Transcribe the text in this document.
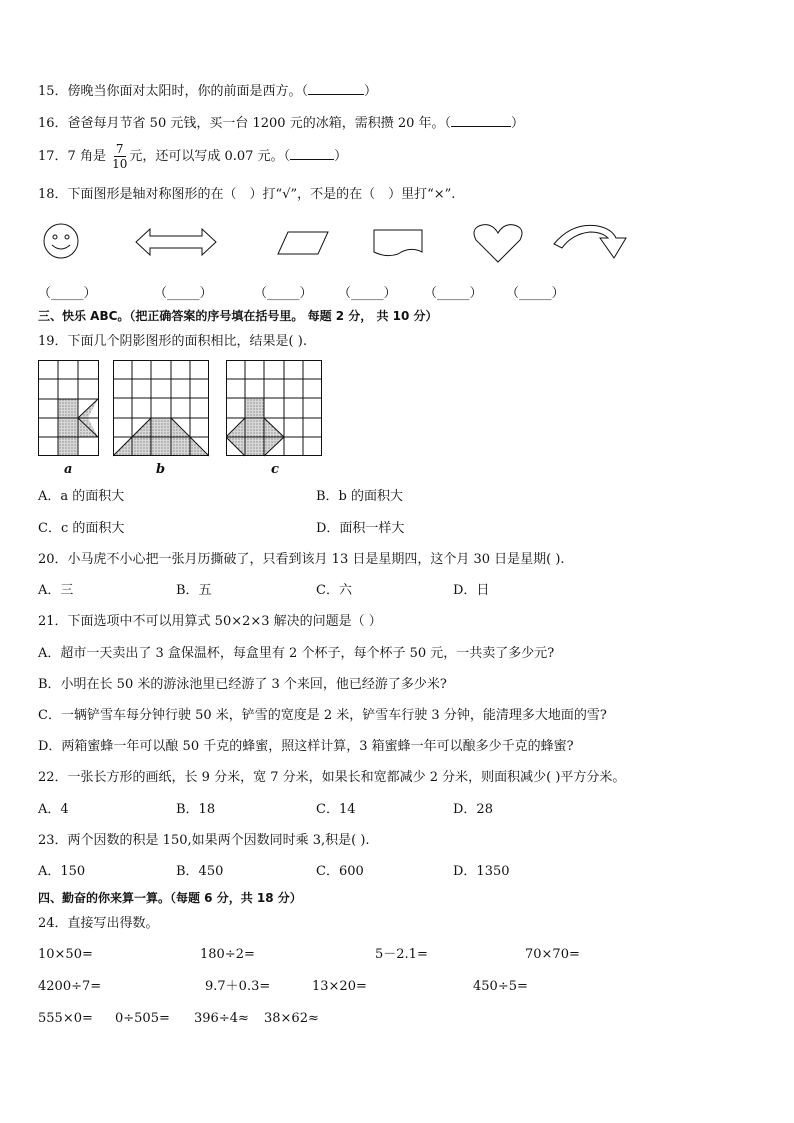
15．傍晚当你面对太阳时，你的前面是西方。（	）
16．爸爸每月节省 50 元钱，买一台 1200 元的冰箱，需积攒 20 年。（	）
17．7 角是 $\frac{7}{10}$ 元，还可以写成 0.07 元。（	）
18．下面图形是轴对称图形的在（　）打“√”，不是的在（　）里打“×”.
（_____）	（_____）	（_____） （_____） （_____） （_____）
三、快乐 ABC。（把正确答案的序号填在括号里。 每题 2 分， 共 10 分）
19．下面几个阴影图形的面积相比，结果是( ).
a	b	c
A．a 的面积大	B．b 的面积大
C．c 的面积大	D．面积一样大
20．小马虎不小心把一张月历撕破了，只看到该月 13 日是星期四，这个月 30 日是星期( ).
A．三	B．五	C．六	D．日
21．下面选项中不可以用算式 50×2×3 解决的问题是（ ）
A．超市一天卖出了 3 盒保温杯，每盒里有 2 个杯子，每个杯子 50 元，一共卖了多少元?
B．小明在长 50 米的游泳池里已经游了 3 个来回，他已经游了多少米?
C．一辆铲雪车每分钟行驶 50 米，铲雪的宽度是 2 米，铲雪车行驶 3 分钟，能清理多大地面的雪?
D．两箱蜜蜂一年可以酿 50 千克的蜂蜜，照这样计算，3 箱蜜蜂一年可以酿多少千克的蜂蜜?
22．一张长方形的画纸，长 9 分米，宽 7 分米，如果长和宽都减少 2 分米，则面积减少( )平方分米。
A．4	B．18	C．14	D．28
23．两个因数的积是 150,如果两个因数同时乘 3,积是( ).
A．150	B．450	C．600	D．1350
四、勤奋的你来算一算。（每题 6 分，共 18 分）
24．直接写出得数。
10×50=	180÷2=	5－2.1=	70×70=
4200÷7=	9.7＋0.3=	13×20=	450÷5=
555×0= 0÷505= 396÷4≈ 38×62≈
